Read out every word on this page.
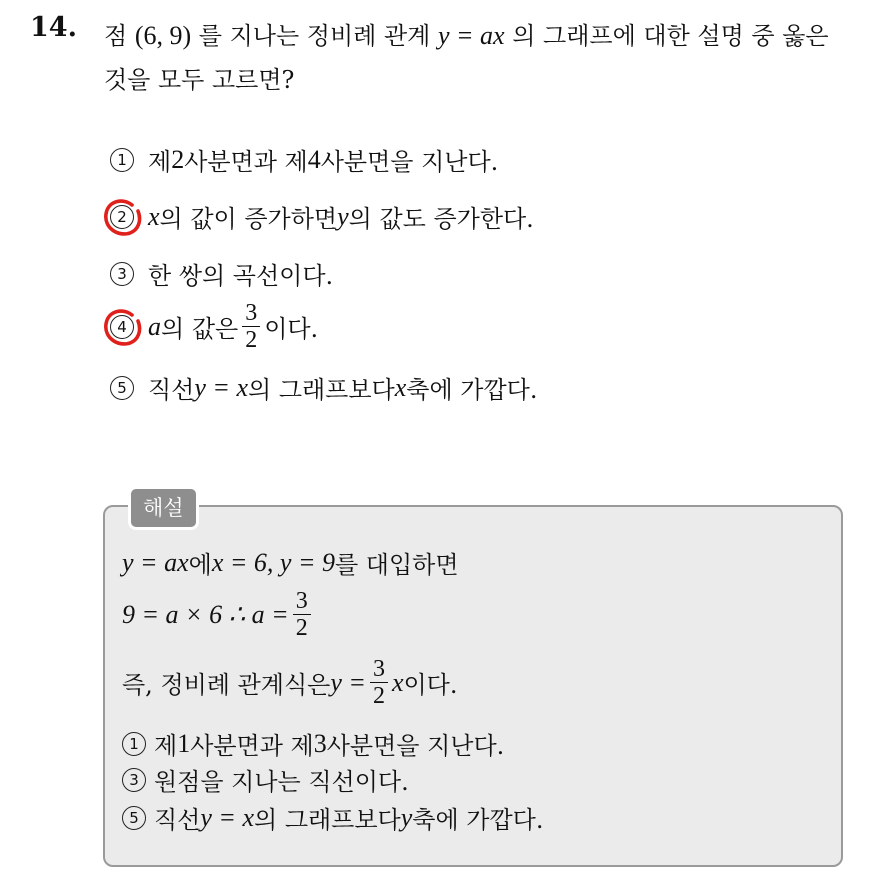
14. 점 (6, 9) 를 지나는 정비례 관계 y = ax 의 그래프에 대한 설명 중 옳은
것을 모두 고르면?
1 제 2 사분면과 제 4 사분면을 지난다.
2 x 의 값이 증가하면 y 의 값도 증가한다.
3 한 쌍의 곡선이다.
4 a 의 값은 $\frac{3}{2}$ 이다.
5 직선 y = x 의 그래프보다 x 축에 가깝다.
해설
y = ax 에 x = 6, y = 9 를 대입하면
9 = a × 6 ∴ $a = \frac{3}{2}$
즉, 정비례 관계식은 $y = \frac{3}{2}$ x 이다.
1 제 1 사분면과 제 3 사분면을 지난다.
3 원점을 지나는 직선이다.
5 직선 y = x 의 그래프보다 y 축에 가깝다.
